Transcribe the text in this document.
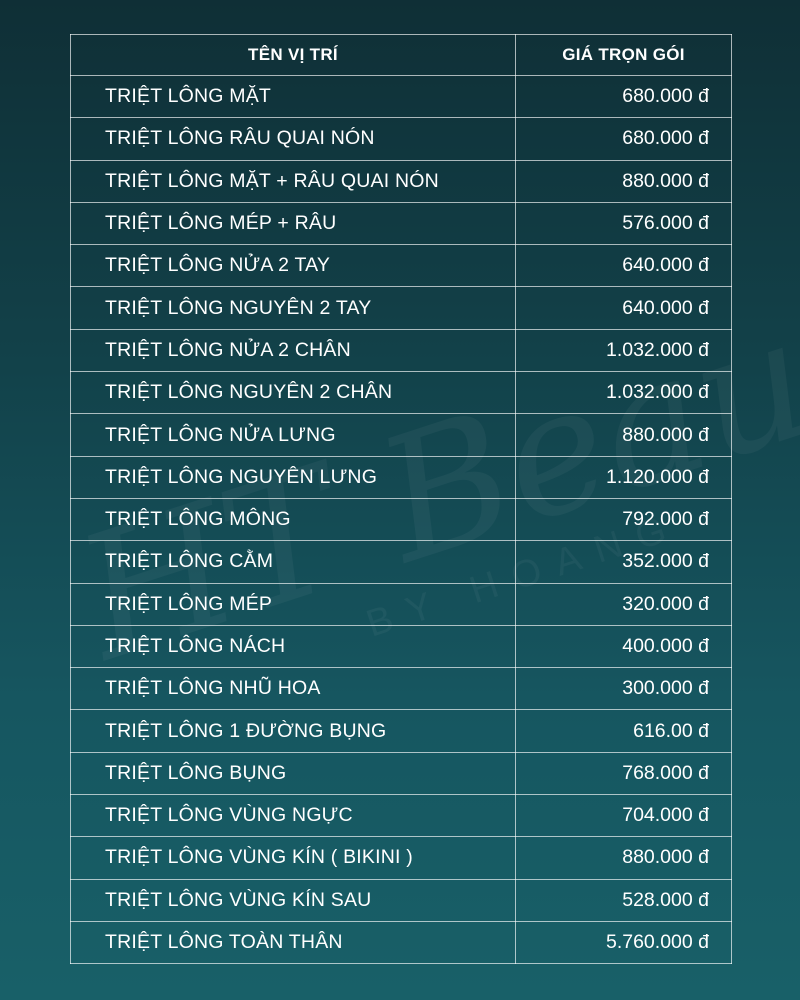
TÊN VỊ TRÍ	GIÁ TRỌN GÓI
TRIỆT LÔNG MẶT	680.000 đ
TRIỆT LÔNG RÂU QUAI NÓN	680.000 đ
TRIỆT LÔNG MẶT + RÂU QUAI NÓN	880.000 đ
TRIỆT LÔNG MÉP + RÂU	576.000 đ
TRIỆT LÔNG NỬA 2 TAY	640.000 đ
TRIỆT LÔNG NGUYÊN 2 TAY	640.000 đ
TRIỆT LÔNG NỬA 2 CHÂN	1.032.000 đ
TRIỆT LÔNG NGUYÊN 2 CHÂN	1.032.000 đ
TRIỆT LÔNG NỬA LƯNG	880.000 đ
TRIỆT LÔNG NGUYÊN LƯNG	1.120.000 đ
TRIỆT LÔNG MÔNG	792.000 đ
TRIỆT LÔNG CẰM	352.000 đ
TRIỆT LÔNG MÉP	320.000 đ
TRIỆT LÔNG NÁCH	400.000 đ
TRIỆT LÔNG NHŨ HOA	300.000 đ
TRIỆT LÔNG 1 ĐƯỜNG BỤNG	616.00 đ
TRIỆT LÔNG BỤNG	768.000 đ
TRIỆT LÔNG VÙNG NGỰC	704.000 đ
TRIỆT LÔNG VÙNG KÍN ( BIKINI )	880.000 đ
TRIỆT LÔNG VÙNG KÍN SAU	528.000 đ
TRIỆT LÔNG TOÀN THÂN	5.760.000 đ
